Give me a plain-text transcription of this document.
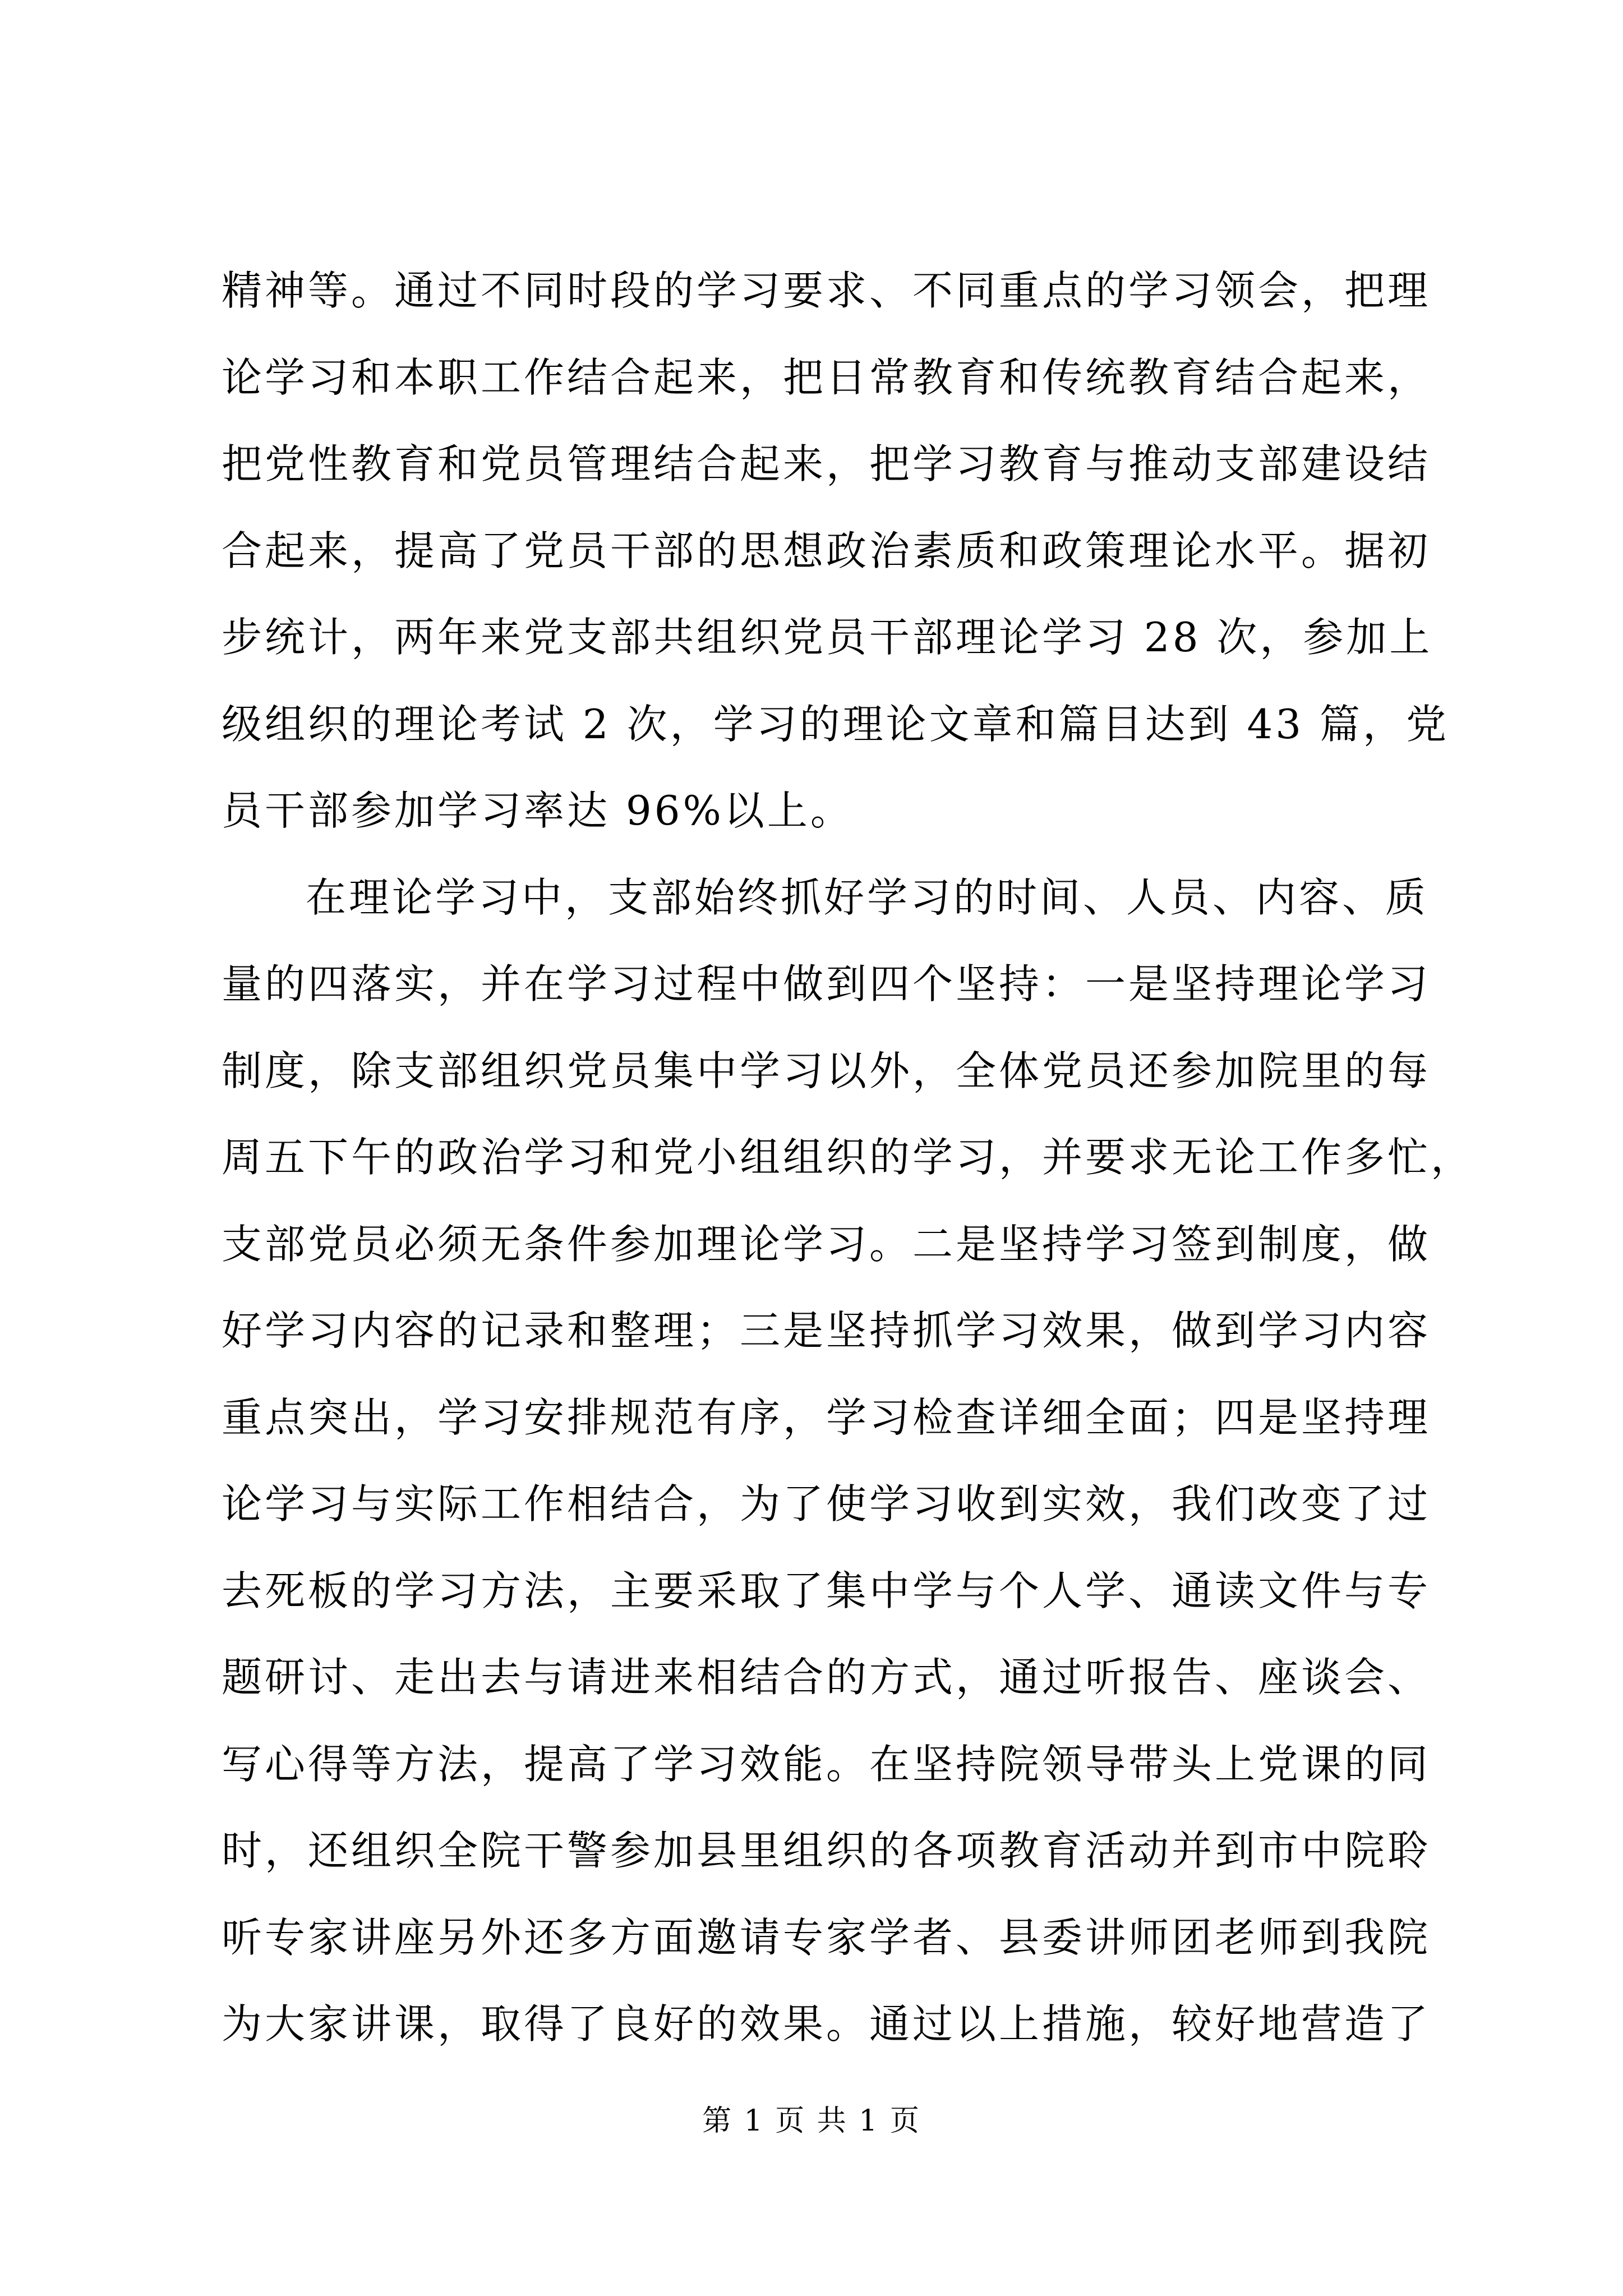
精神等。通过不同时段的学习要求、不同重点的学习领会，把理
论学习和本职工作结合起来，把日常教育和传统教育结合起来，
把党性教育和党员管理结合起来，把学习教育与推动支部建设结
合起来，提高了党员干部的思想政治素质和政策理论水平。据初
步统计，两年来党支部共组织党员干部理论学习 28 次，参加上
级组织的理论考试 2 次，学习的理论文章和篇目达到 43 篇，党
员干部参加学习率达 96%以上。
在理论学习中，支部始终抓好学习的时间、人员、内容、质
量的四落实，并在学习过程中做到四个坚持：一是坚持理论学习
制度，除支部组织党员集中学习以外，全体党员还参加院里的每
周五下午的政治学习和党小组组织的学习，并要求无论工作多忙，
支部党员必须无条件参加理论学习。二是坚持学习签到制度，做
好学习内容的记录和整理；三是坚持抓学习效果，做到学习内容
重点突出，学习安排规范有序，学习检查详细全面；四是坚持理
论学习与实际工作相结合，为了使学习收到实效，我们改变了过
去死板的学习方法，主要采取了集中学与个人学、通读文件与专
题研讨、走出去与请进来相结合的方式，通过听报告、座谈会、
写心得等方法，提高了学习效能。在坚持院领导带头上党课的同
时，还组织全院干警参加县里组织的各项教育活动并到市中院聆
听专家讲座另外还多方面邀请专家学者、县委讲师团老师到我院
为大家讲课，取得了良好的效果。通过以上措施，较好地营造了
第 1 页 共 1 页
